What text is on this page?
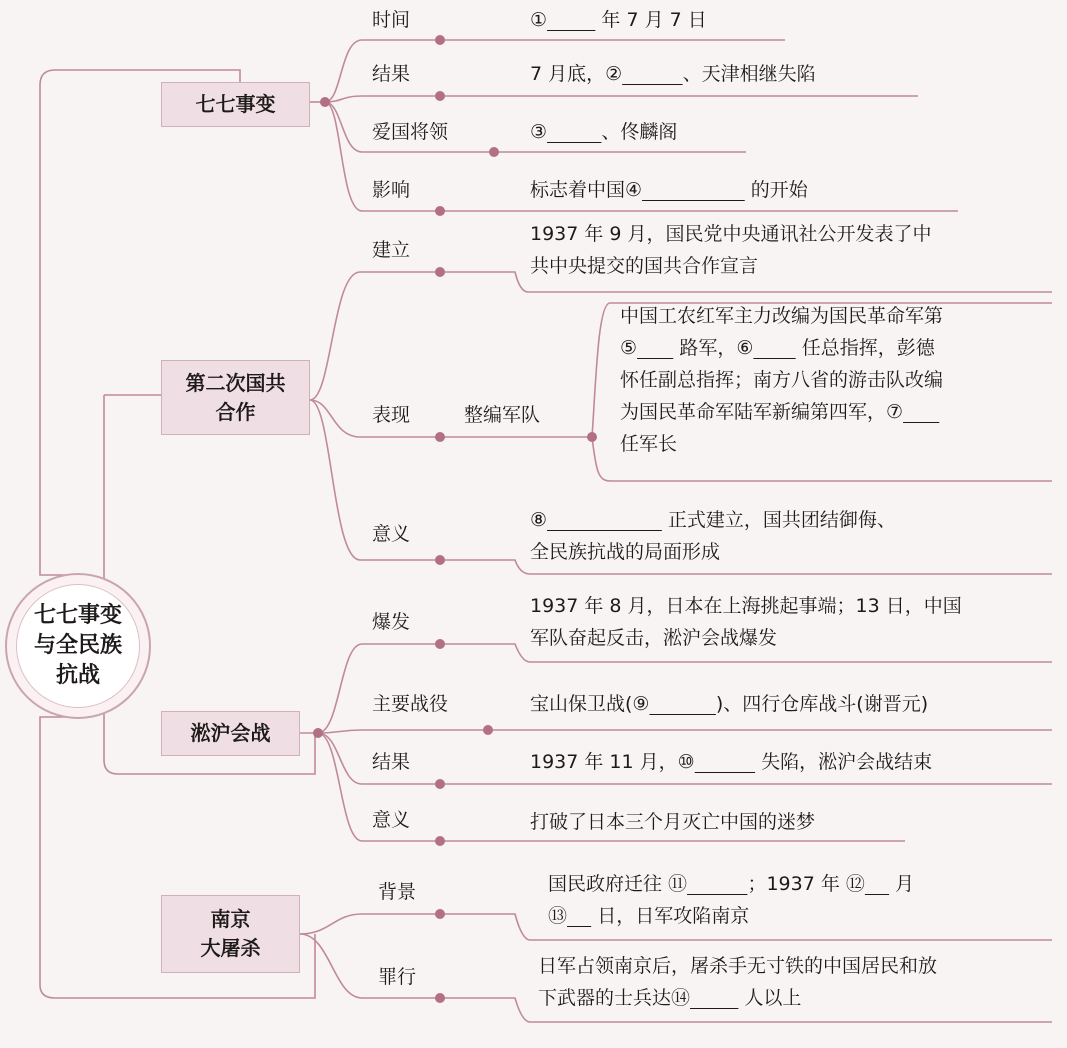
七七事变
与全民族
抗战
七七事变
第二次国共
合作
淞沪会战
南京
大屠杀
时间
结果
爱国将领
影响
建立
表现	整编军队
意义
爆发
主要战役
结果
意义
背景
罪行
①	年 7 月 7 日
7 月底，②	、天津相继失陷
③	、佟麟阁
标志着中国④	的开始
1937 年 9 月，国民党中央通讯社公开发表了中
共中央提交的国共合作宣言
中国工农红军主力改编为国民革命军第
⑤       路军，⑥        任总指挥，彭德
怀任副总指挥；南方八省的游击队改编
为国民革命军陆军新编第四军，⑦
任军长
⑧	正式建立，国共团结御侮、
全民族抗战的局面形成
1937 年 8 月，日本在上海挑起事端；13 日，中国
军队奋起反击，淞沪会战爆发
宝山保卫战(⑨	)、四行仓库战斗(谢晋元)
1937 年 11 月，⑩	失陷，淞沪会战结束
打破了日本三个月灭亡中国的迷梦
国民政府迁往 ⑪	；1937 年 ⑫     月
⑬     日，日军攻陷南京
日军占领南京后，屠杀手无寸铁的中国居民和放
下武器的士兵达⑭	人以上
